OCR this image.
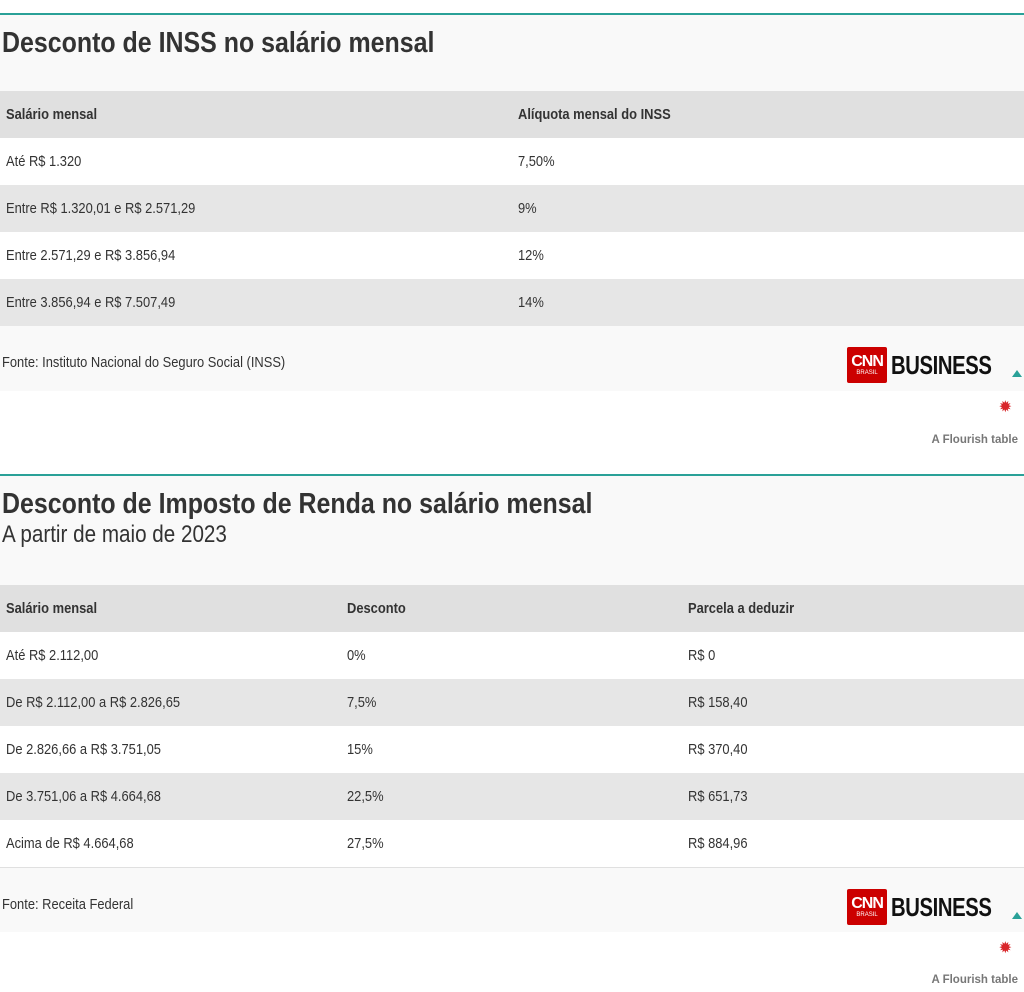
Desconto de INSS no salário mensal
Salário mensal	Alíquota mensal do INSS
Até R$ 1.320	7,50%
Entre R$ 1.320,01 e R$ 2.571,29	9%
Entre 2.571,29 e R$ 3.856,94	12%
Entre 3.856,94 e R$ 7.507,49	14%
Fonte: Instituto Nacional do Seguro Social (INSS)	CNN
BRASIL BUSINESS
✹
A Flourish table
Desconto de Imposto de Renda no salário mensal
A partir de maio de 2023
Salário mensal	Desconto	Parcela a deduzir
Até R$ 2.112,00	0%	R$ 0
De R$ 2.112,00 a R$ 2.826,65	7,5%	R$ 158,40
De 2.826,66 a R$ 3.751,05	15%	R$ 370,40
De 3.751,06 a R$ 4.664,68	22,5%	R$ 651,73
Acima de R$ 4.664,68	27,5%	R$ 884,96
Fonte: Receita Federal	CNN
BRASIL BUSINESS
✹
A Flourish table
